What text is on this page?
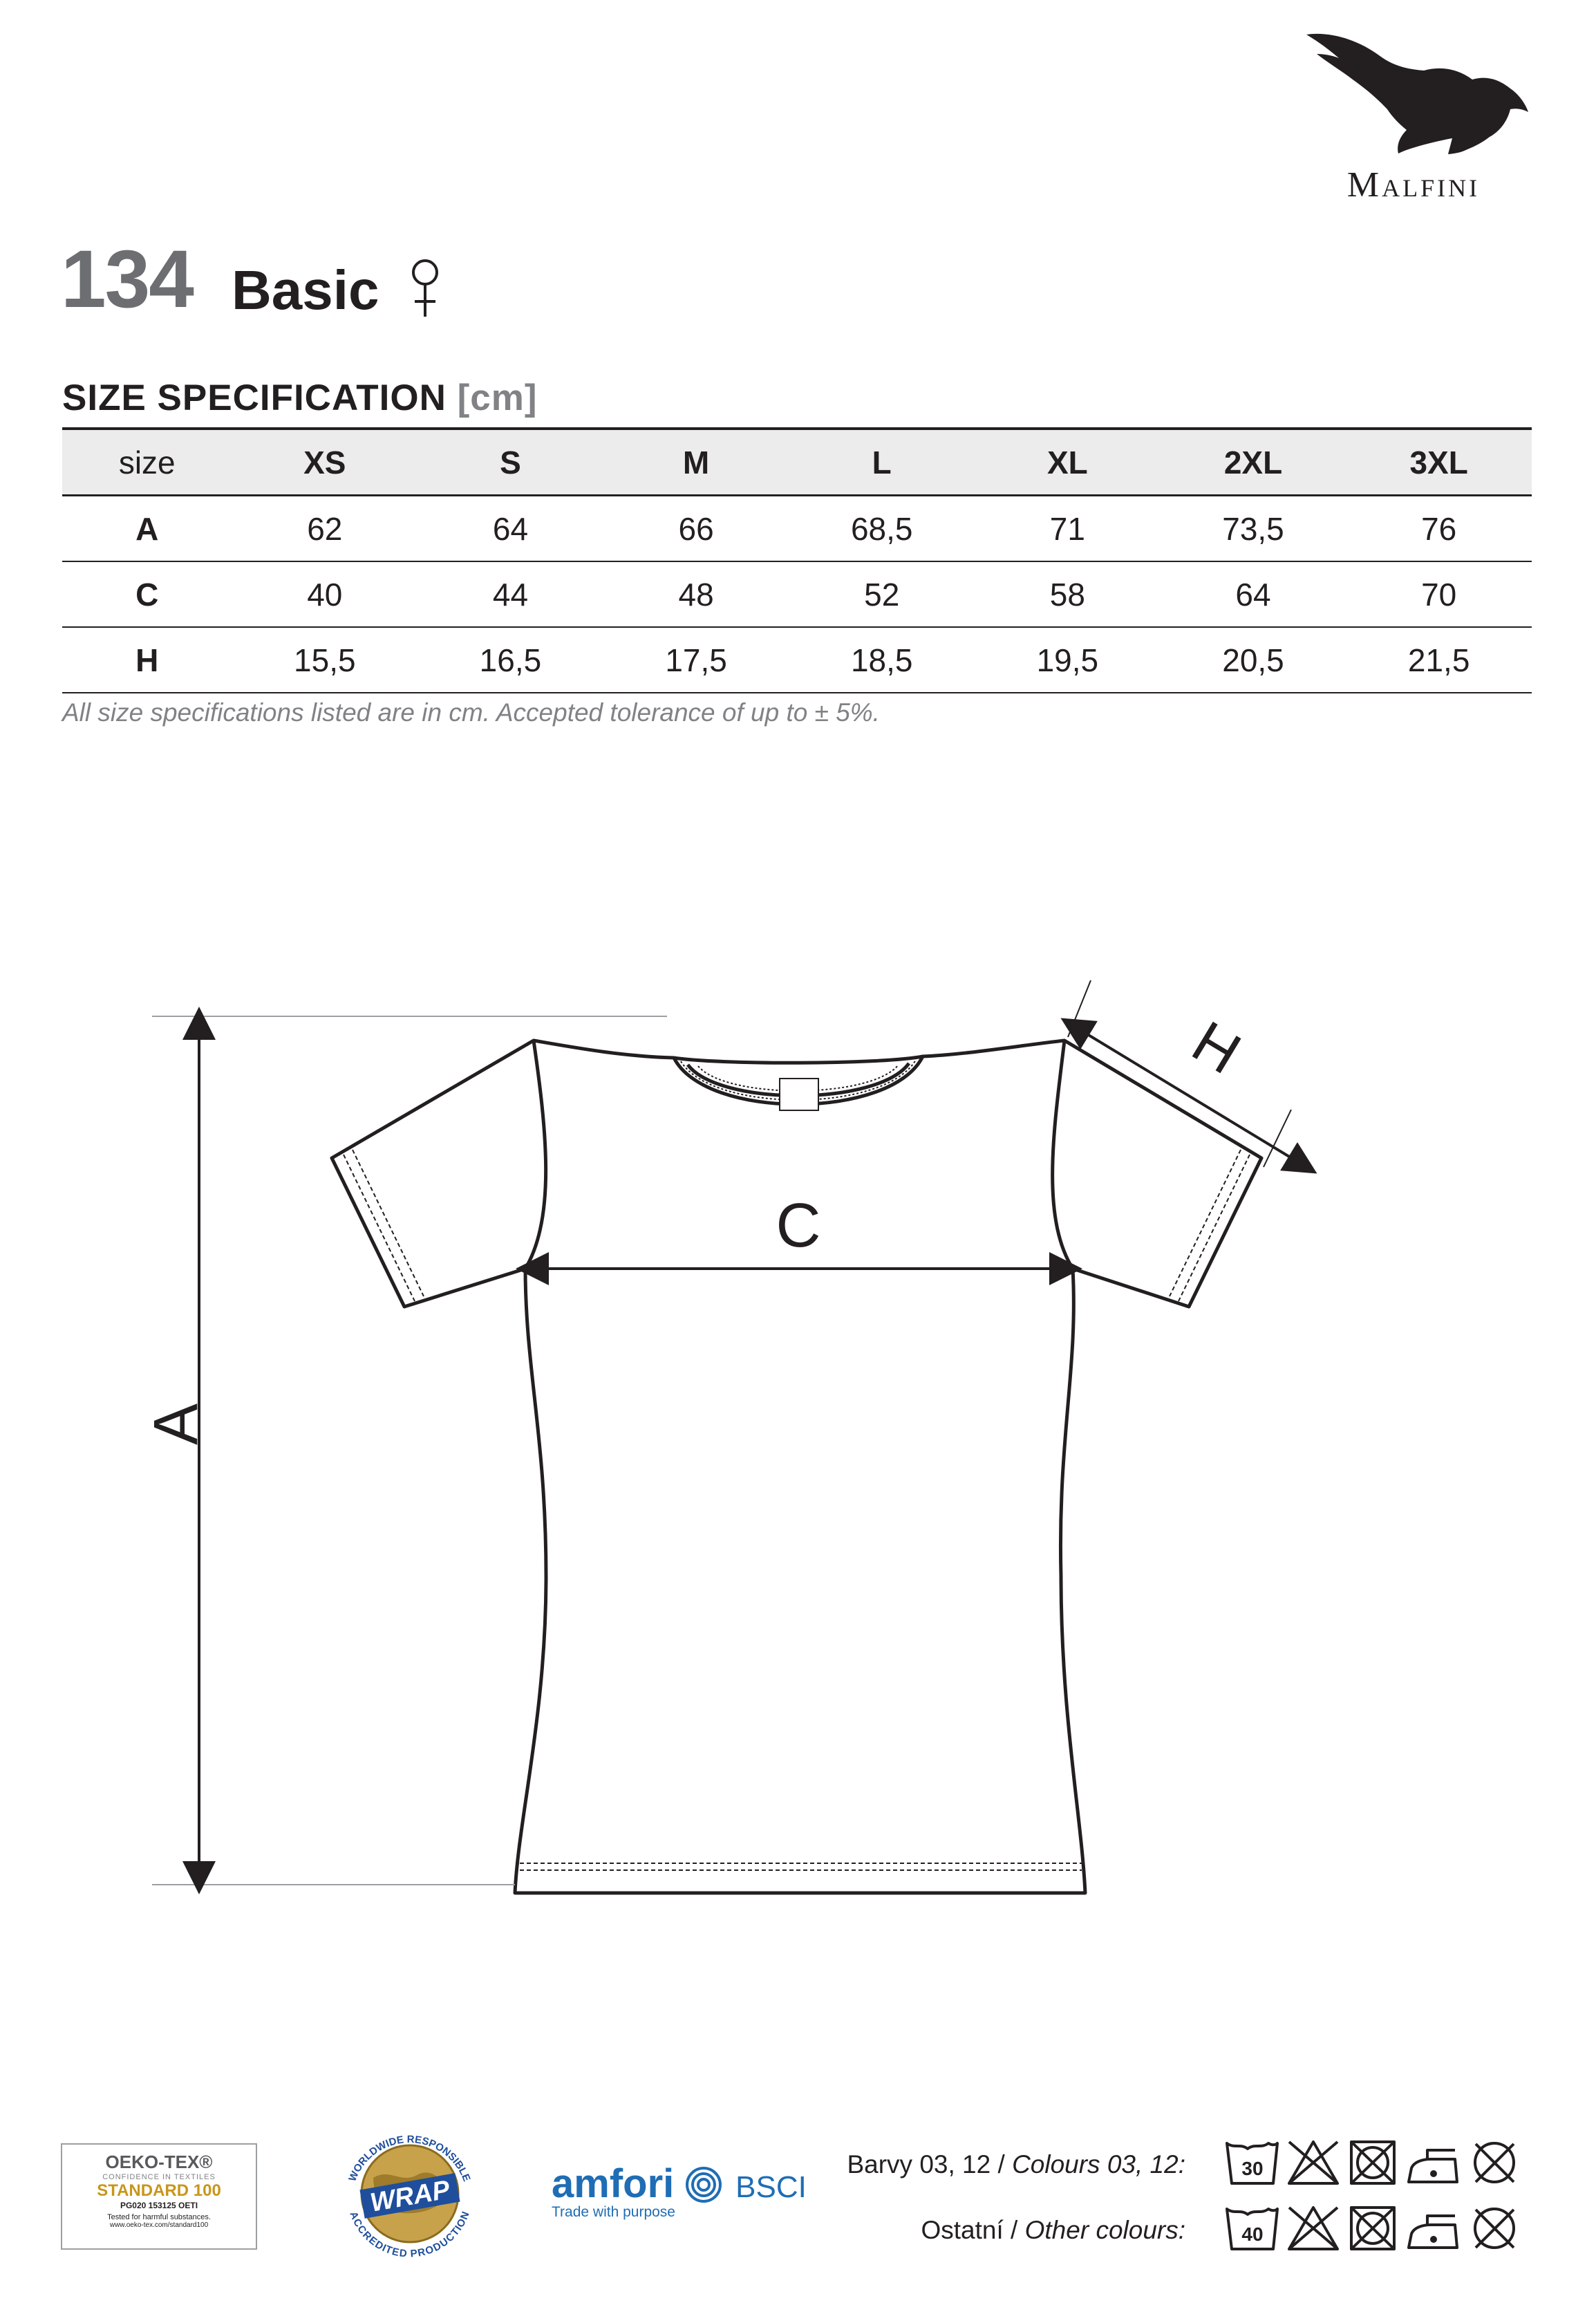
Malfini
134 Basic
SIZE SPECIFICATION [cm]
size	XS	S	M	L	XL	2XL	3XL
A	62	64	66	68,5	71	73,5	76
C	40	44	48	52	58	64	70
H	15,5	16,5	17,5	18,5	19,5	20,5	21,5
All size specifications listed are in cm. Accepted tolerance of up to ± 5%.
A
C
H
OEKO-TEX®
CONFIDENCE IN TEXTILES
STANDARD 100
PG020 153125 OETI
Tested for harmful substances.
www.oeko-tex.com/standard100
WORLDWIDE RESPONSIBLE
WRAP
ACCREDITED PRODUCTION
amfori BSCI
Trade with purpose
Barvy 03, 12 / Colours 03, 12:
Ostatní / Other colours:
30
40
